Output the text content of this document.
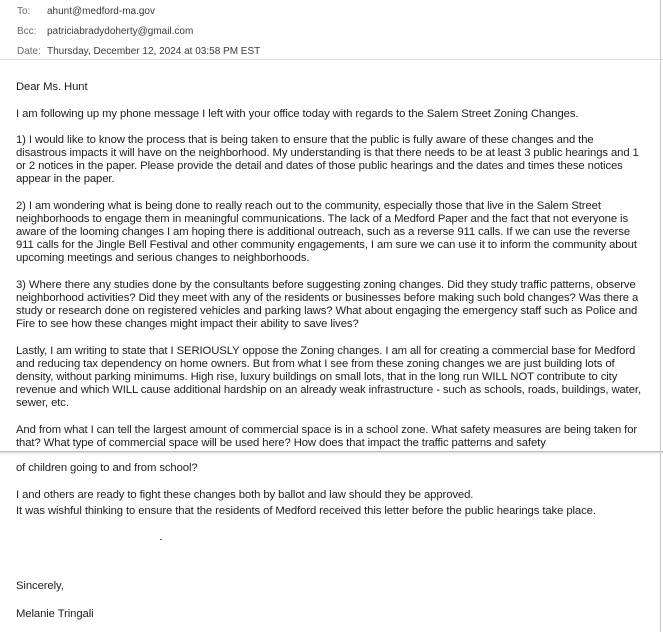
To:	ahunt@medford-ma.gov
Bcc:	patriciabradydoherty@gmail.com
Date: Thursday, December 12, 2024 at 03:58 PM EST

Dear Ms. Hunt

I am following up my phone message I left with your office today with regards to the Salem Street Zoning Changes.

1) I would like to know the process that is being taken to ensure that the public is fully aware of these changes and the disastrous impacts it will have on the neighborhood. My understanding is that there needs to be at least 3 public hearings and 1 or 2 notices in the paper. Please provide the detail and dates of those public hearings and the dates and times these notices appear in the paper.

2) I am wondering what is being done to really reach out to the community, especially those that live in the Salem Street neighborhoods to engage them in meaningful communications. The lack of a Medford Paper and the fact that not everyone is aware of the looming changes I am hoping there is additional outreach, such as a reverse 911 calls. If we can use the reverse 911 calls for the Jingle Bell Festival and other community engagements, I am sure we can use it to inform the community about upcoming meetings and serious changes to neighborhoods.

3) Where there any studies done by the consultants before suggesting zoning changes. Did they study traffic patterns, observe neighborhood activities? Did they meet with any of the residents or businesses before making such bold changes? Was there a study or research done on registered vehicles and parking laws? What about engaging the emergency staff such as Police and Fire to see how these changes might impact their ability to save lives?

Lastly, I am writing to state that I SERIOUSLY oppose the Zoning changes. I am all for creating a commercial base for Medford and reducing tax dependency on home owners. But from what I see from these zoning changes we are just building lots of density, without parking minimums. High rise, luxury buildings on small lots, that in the long run WILL NOT contribute to city revenue and which WILL cause additional hardship on an already weak infrastructure - such as schools, roads, buildings, water, sewer, etc.

And from what I can tell the largest amount of commercial space is in a school zone. What safety measures are being taken for that? What type of commercial space will be used here? How does that impact the traffic patterns and safety

of children going to and from school?

I and others are ready to fight these changes both by ballot and law should they be approved.

It was wishful thinking to ensure that the residents of Medford received this letter before the public hearings take place.

Sincerely,

Melanie Tringali
